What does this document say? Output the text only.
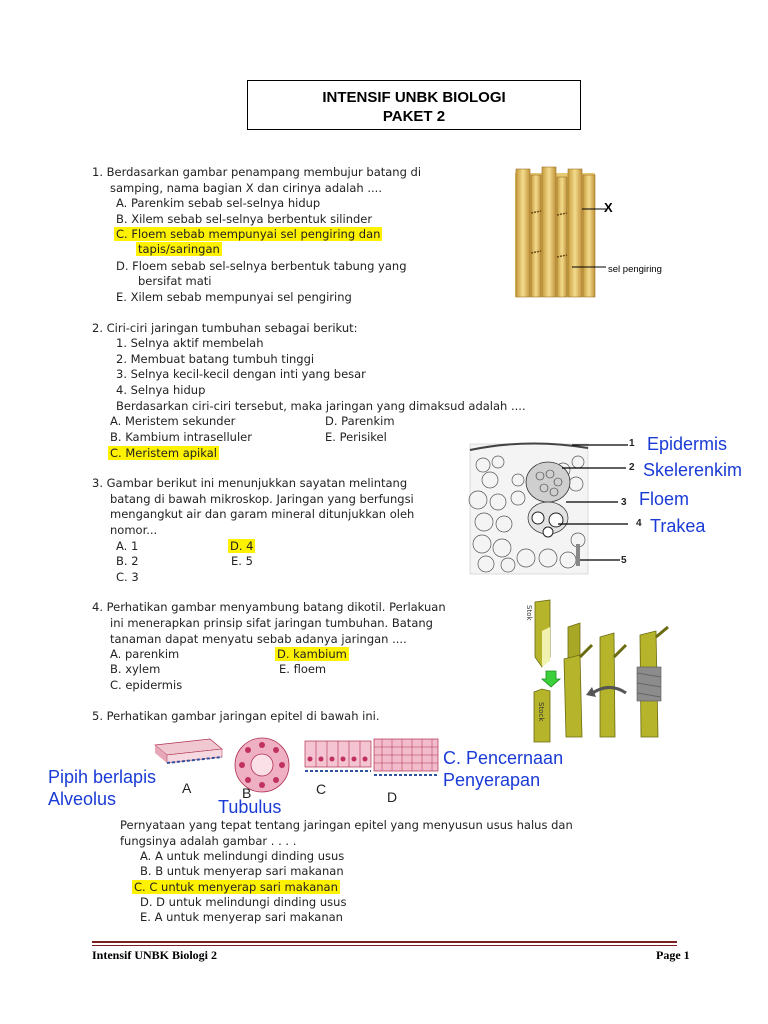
INTENSIF UNBK BIOLOGI
PAKET 2
1. Berdasarkan gambar penampang membujur batang di
samping, nama bagian X dan cirinya adalah ....
A. Parenkim sebab sel-selnya hidup
B. Xilem sebab sel-selnya berbentuk silinder
C. Floem sebab mempunyai sel pengiring dan
tapis/saringan
D. Floem sebab sel-selnya berbentuk tabung yang
bersifat mati
E. Xilem sebab mempunyai sel pengiring
X
sel pengiring
2. Ciri-ciri jaringan tumbuhan sebagai berikut:
1. Selnya aktif membelah
2. Membuat batang tumbuh tinggi
3. Selnya kecil-kecil dengan inti yang besar
4. Selnya hidup
Berdasarkan ciri-ciri tersebut, maka jaringan yang dimaksud adalah ....
A. Meristem sekunder
B. Kambium intraselluler
C. Meristem apikal
D. Parenkim
E. Perisikel
3. Gambar berikut ini menunjukkan sayatan melintang
batang di bawah mikroskop. Jaringan yang berfungsi
mengangkut air dan garam mineral ditunjukkan oleh
nomor...
A. 1
B. 2
C. 3
D. 4
E. 5
1
2
3
4
5
Epidermis
Skelerenkim
Floem
Trakea
4. Perhatikan gambar menyambung batang dikotil. Perlakuan
ini menerapkan prinsip sifat jaringan tumbuhan. Batang
tanaman dapat menyatu sebab adanya jaringan ....
A. parenkim
B. xylem
C. epidermis
D. kambium
E. floem
Stok
Stock
5. Perhatikan gambar jaringan epitel di bawah ini.
A	B	C	D
Pipih berlapis
Alveolus	Tubulus
C. Pencernaan
Penyerapan
Pernyataan yang tepat tentang jaringan epitel yang menyusun usus halus dan
fungsinya adalah gambar . . . .
A. A untuk melindungi dinding usus
B. B untuk menyerap sari makanan
C. C untuk menyerap sari makanan
D. D untuk melindungi dinding usus
E. A untuk menyerap sari makanan
Intensif UNBK Biologi 2	Page 1
